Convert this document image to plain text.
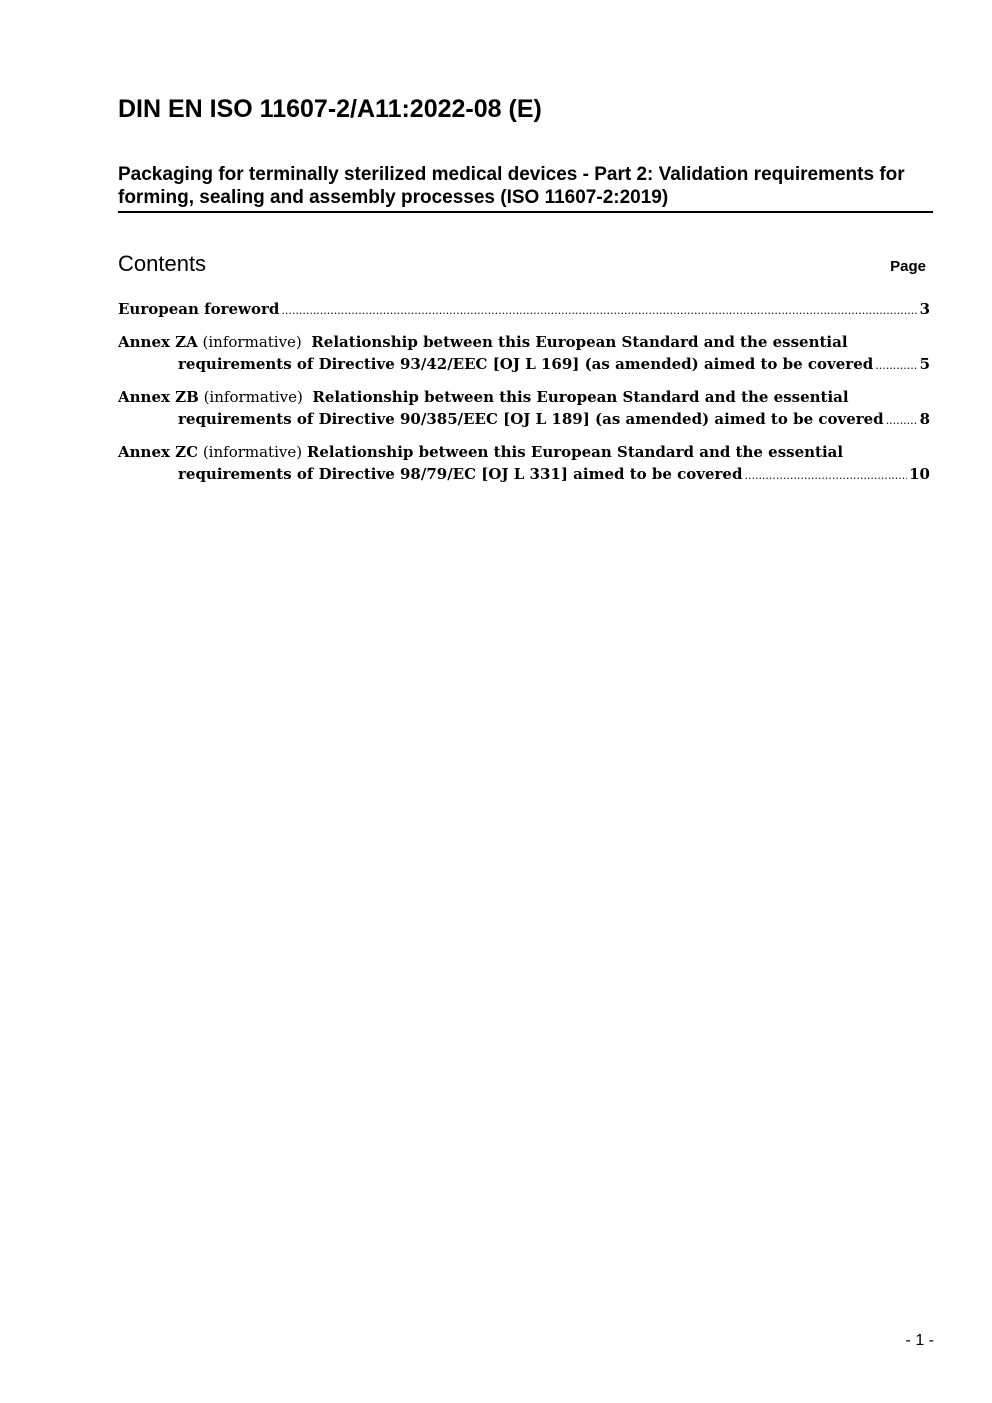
DIN EN ISO 11607-2/A11:2022-08 (E)
Packaging for terminally sterilized medical devices - Part 2: Validation requirements for forming, sealing and assembly processes (ISO 11607-2:2019)
Contents	Page
European foreword .....	3
Annex ZA (informative) Relationship between this European Standard and the essential
requirements of Directive 93/42/EEC [OJ L 169] (as amended) aimed to be covered .....	5
Annex ZB (informative) Relationship between this European Standard and the essential
requirements of Directive 90/385/EEC [OJ L 189] (as amended) aimed to be covered ..... 8
Annex ZC (informative) Relationship between this European Standard and the essential
requirements of Directive 98/79/EC [OJ L 331] aimed to be covered .....	10
- 1 -
